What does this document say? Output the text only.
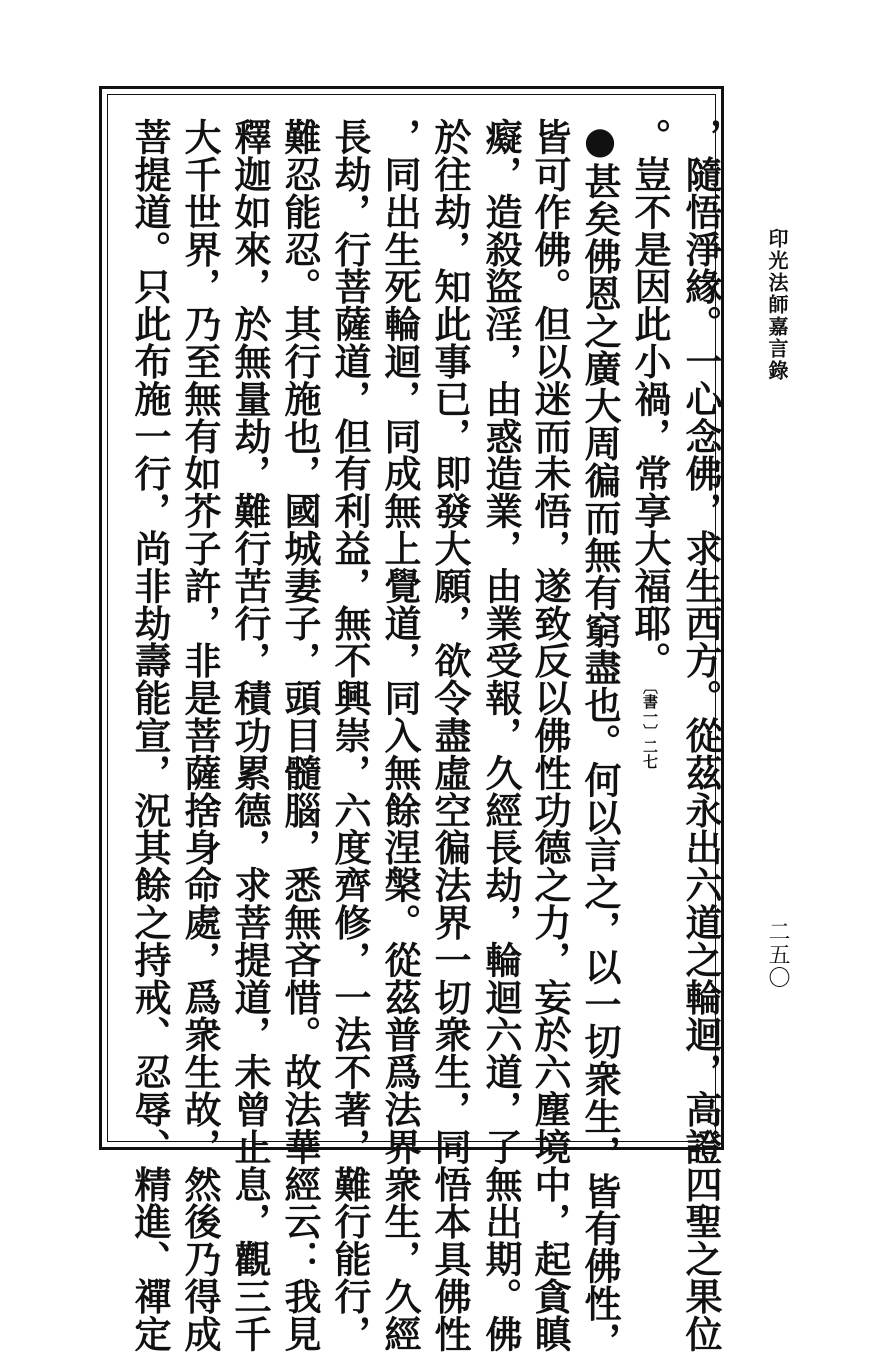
印光法師嘉言錄
二五〇
，隨悟淨緣。一心念佛，求生西方。從茲永出六道之輪迴，高證四聖之果位
。豈不是因此小禍，常享大福耶。〔書一〕二七
●甚矣佛恩之廣大周徧而無有窮盡也。何以言之，以一切衆生，皆有佛性，
皆可作佛。但以迷而未悟，遂致反以佛性功德之力，妄於六塵境中，起貪瞋
癡，造殺盜淫，由惑造業，由業受報，久經長劫，輪迴六道，了無出期。佛
於往劫，知此事已，即發大願，欲令盡虛空徧法界一切衆生，同悟本具佛性
，同出生死輪迴，同成無上覺道，同入無餘涅槃。從茲普爲法界衆生，久經
長劫，行菩薩道，但有利益，無不興崇，六度齊修，一法不著，難行能行，
難忍能忍。其行施也，國城妻子，頭目髓腦，悉無吝惜。故法華經云：我見
釋迦如來，於無量劫，難行苦行，積功累德，求菩提道，未曾止息，觀三千
大千世界，乃至無有如芥子許，非是菩薩捨身命處，爲衆生故，然後乃得成
菩提道。只此布施一行，尚非劫壽能宣，況其餘之持戒、忍辱、精進、禪定
